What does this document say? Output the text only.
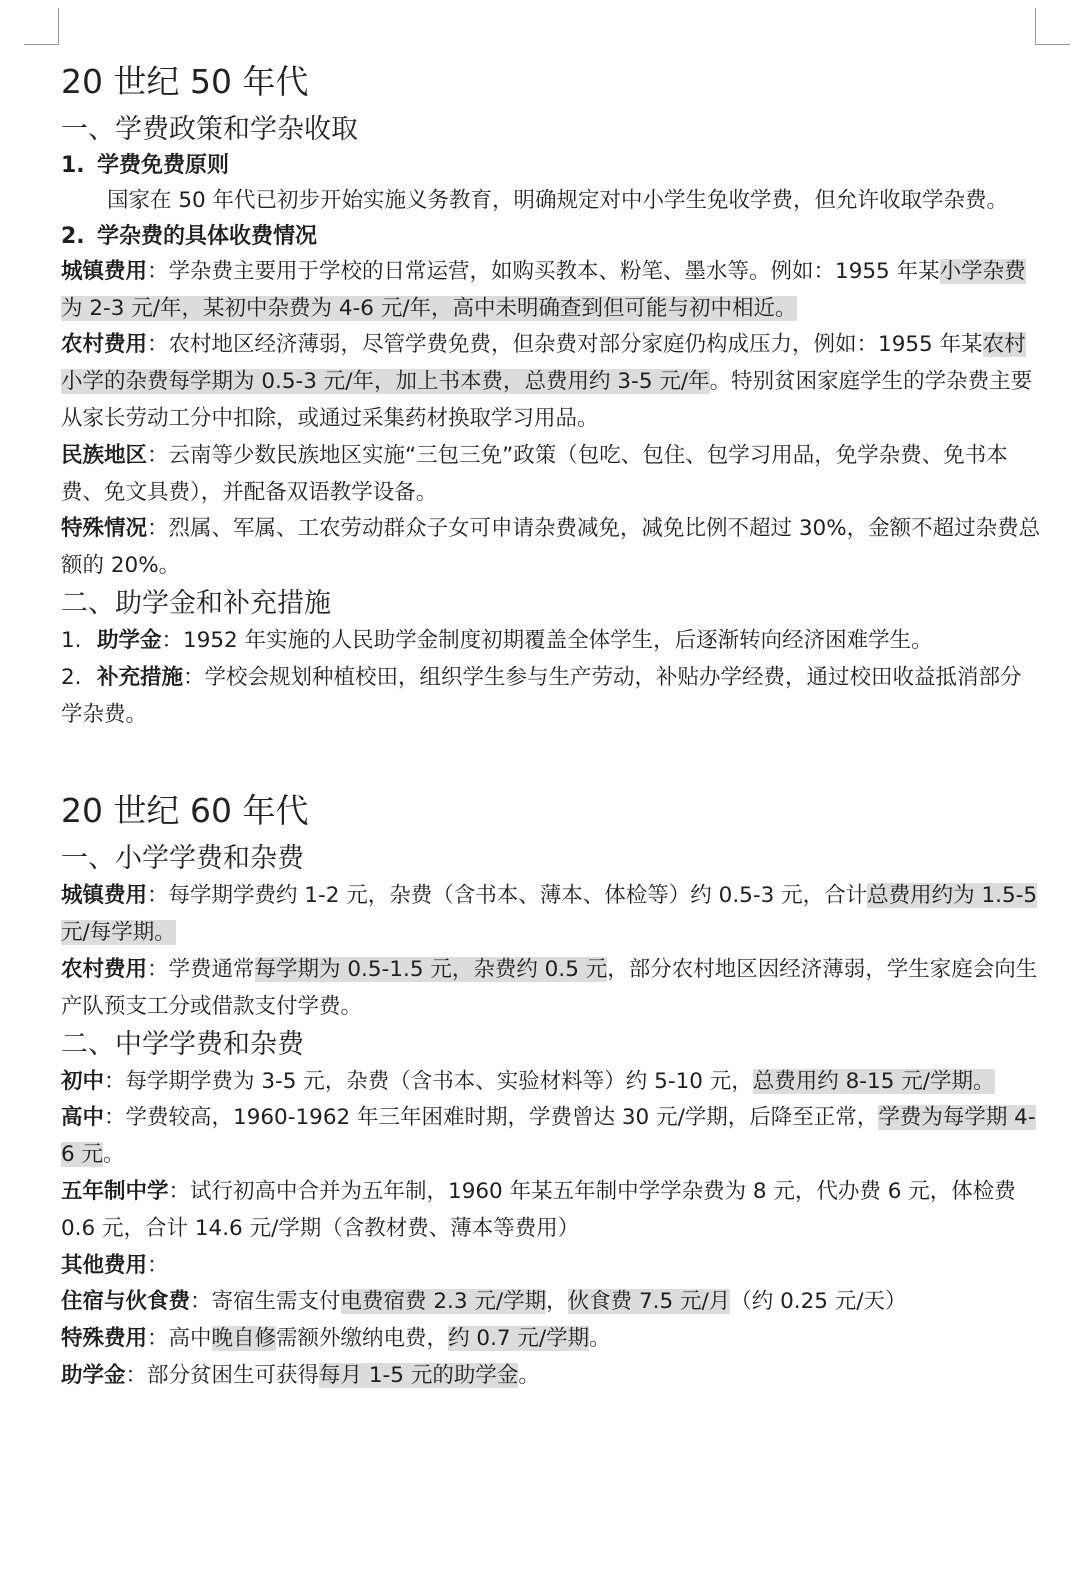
20 世纪 50 年代
一、学费政策和学杂收取
1. 学费免费原则

国家在 50 年代已初步开始实施义务教育，明确规定对中小学生免收学费，但允许收取学杂费。

2. 学杂费的具体收费情况

城镇费用：学杂费主要用于学校的日常运营，如购买教本、粉笔、墨水等。例如：1955 年某小学杂费为 2-3 元/年，某初中杂费为 4-6 元/年，高中未明确查到但可能与初中相近。

农村费用：农村地区经济薄弱，尽管学费免费，但杂费对部分家庭仍构成压力，例如：1955 年某农村小学的杂费每学期为 0.5-3 元/年，加上书本费，总费用约 3-5 元/年。特别贫困家庭学生的学杂费主要从家长劳动工分中扣除，或通过采集药材换取学习用品。

民族地区：云南等少数民族地区实施“三包三免”政策（包吃、包住、包学习用品，免学杂费、免书本费、免文具费），并配备双语教学设备。

特殊情况：烈属、军属、工农劳动群众子女可申请杂费减免，减免比例不超过 30%，金额不超过杂费总额的 20%。

二、助学金和补充措施

1. 助学金：1952 年实施的人民助学金制度初期覆盖全体学生，后逐渐转向经济困难学生。

2. 补充措施：学校会规划种植校田，组织学生参与生产劳动，补贴办学经费，通过校田收益抵消部分学杂费。

20 世纪 60 年代
一、小学学费和杂费

城镇费用：每学期学费约 1-2 元，杂费（含书本、薄本、体检等）约 0.5-3 元，合计总费用约为 1.5-5 元/每学期。

农村费用：学费通常每学期为 0.5-1.5 元，杂费约 0.5 元，部分农村地区因经济薄弱，学生家庭会向生产队预支工分或借款支付学费。

二、中学学费和杂费

初中：每学期学费为 3-5 元，杂费（含书本、实验材料等）约 5-10 元，总费用约 8-15 元/学期。

高中：学费较高，1960-1962 年三年困难时期，学费曾达 30 元/学期，后降至正常，学费为每学期 4-6 元。

五年制中学：试行初高中合并为五年制，1960 年某五年制中学学杂费为 8 元，代办费 6 元，体检费 0.6 元，合计 14.6 元/学期（含教材费、薄本等费用）

其他费用：

住宿与伙食费：寄宿生需支付电费宿费 2.3 元/学期，伙食费 7.5 元/月（约 0.25 元/天）

特殊费用：高中晚自修需额外缴纳电费，约 0.7 元/学期。

助学金：部分贫困生可获得每月 1-5 元的助学金。
